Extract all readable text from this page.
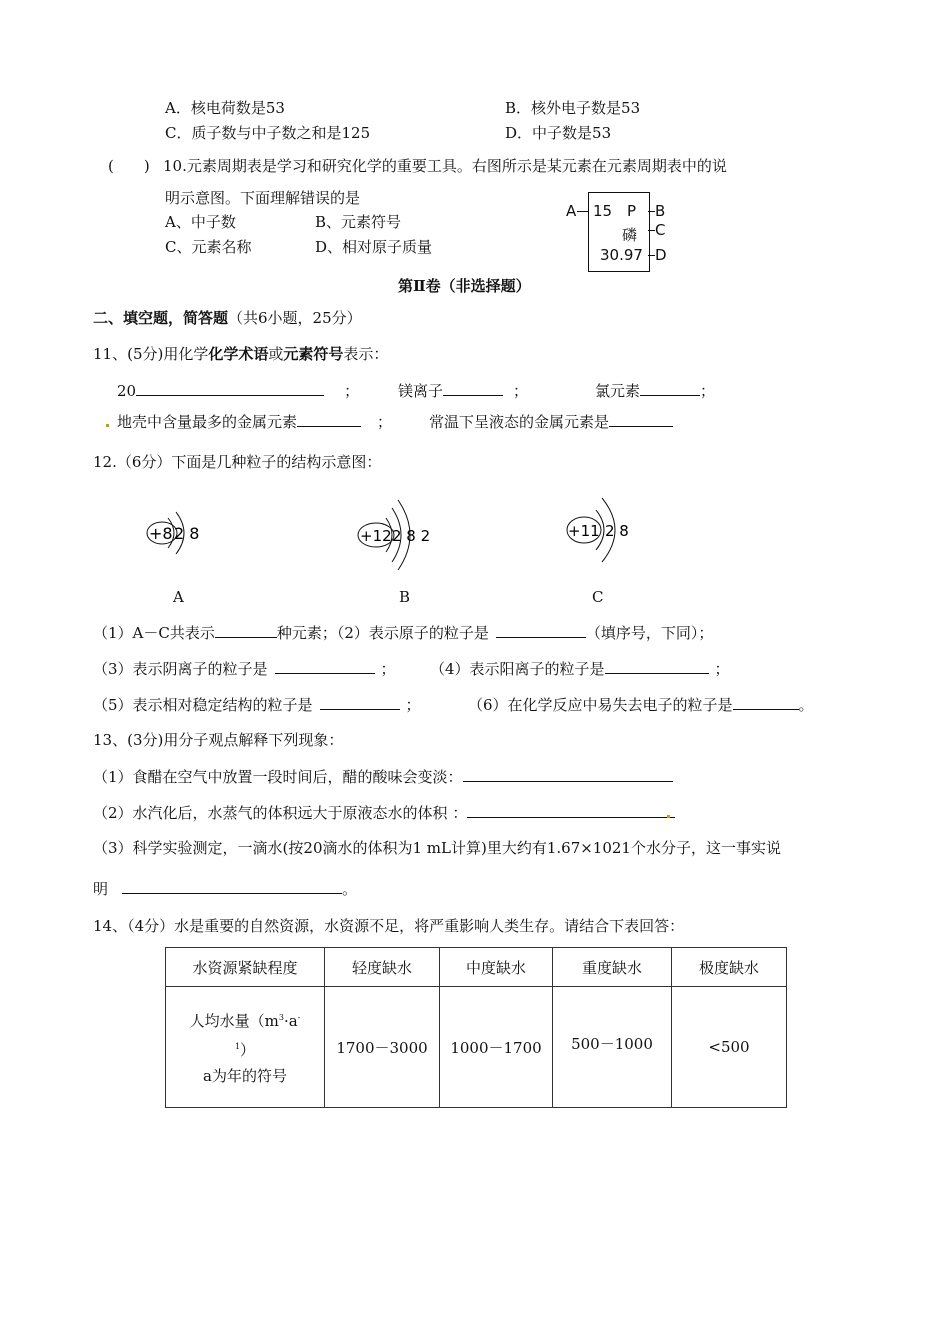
A．核电荷数是53	B．核外电子数是53
C．质子数与中子数之和是125	D．中子数是53
(　　) 10.元素周期表是学习和研究化学的重要工具。右图所示是某元素在元素周期表中的说
明示意图。下面理解错误的是
A、中子数	B、元素符号
C、元素名称	D、相对原子质量
A 15 P B
磷 C
30.97 D
第Ⅱ卷（非选择题）
二、填空题，简答题（共6小题，25分）
11、(5分)用化学化学术语或元素符号表示：
20	；	镁离子	；	氯元素	；
地壳中含量最多的金属元素	； 常温下呈液态的金属元素是
12.（6分）下面是几种粒子的结构示意图：
+8 2 8
A
+12 2 8 2
B
+11 2 8
C
（1）A－C共表示	种元素；（2）表示原子的粒子是	（填序号，下同）；
（3）表示阴离子的粒子是	； （4）表示阳离子的粒子是	；
（5）表示相对稳定结构的粒子是	；	（6）在化学反应中易失去电子的粒子是	。
13、(3分)用分子观点解释下列现象：
（1）食醋在空气中放置一段时间后，醋的酸味会变淡：
（2）水汽化后，水蒸气的体积远大于原液态水的体积 ：
（3）科学实验测定，一滴水(按20滴水的体积为1 mL计算)里大约有1.67×1021个水分子，这一事实说
明	。
14、（4分）水是重要的自然资源，水资源不足，将严重影响人类生存。请结合下表回答：
水资源紧缺程度	轻度缺水	中度缺水	重度缺水	极度缺水

人均水量（$m^3\cdot a^-$
$^1$）
a为年的符号	1700－3000	1000－1700	500－1000	<500
